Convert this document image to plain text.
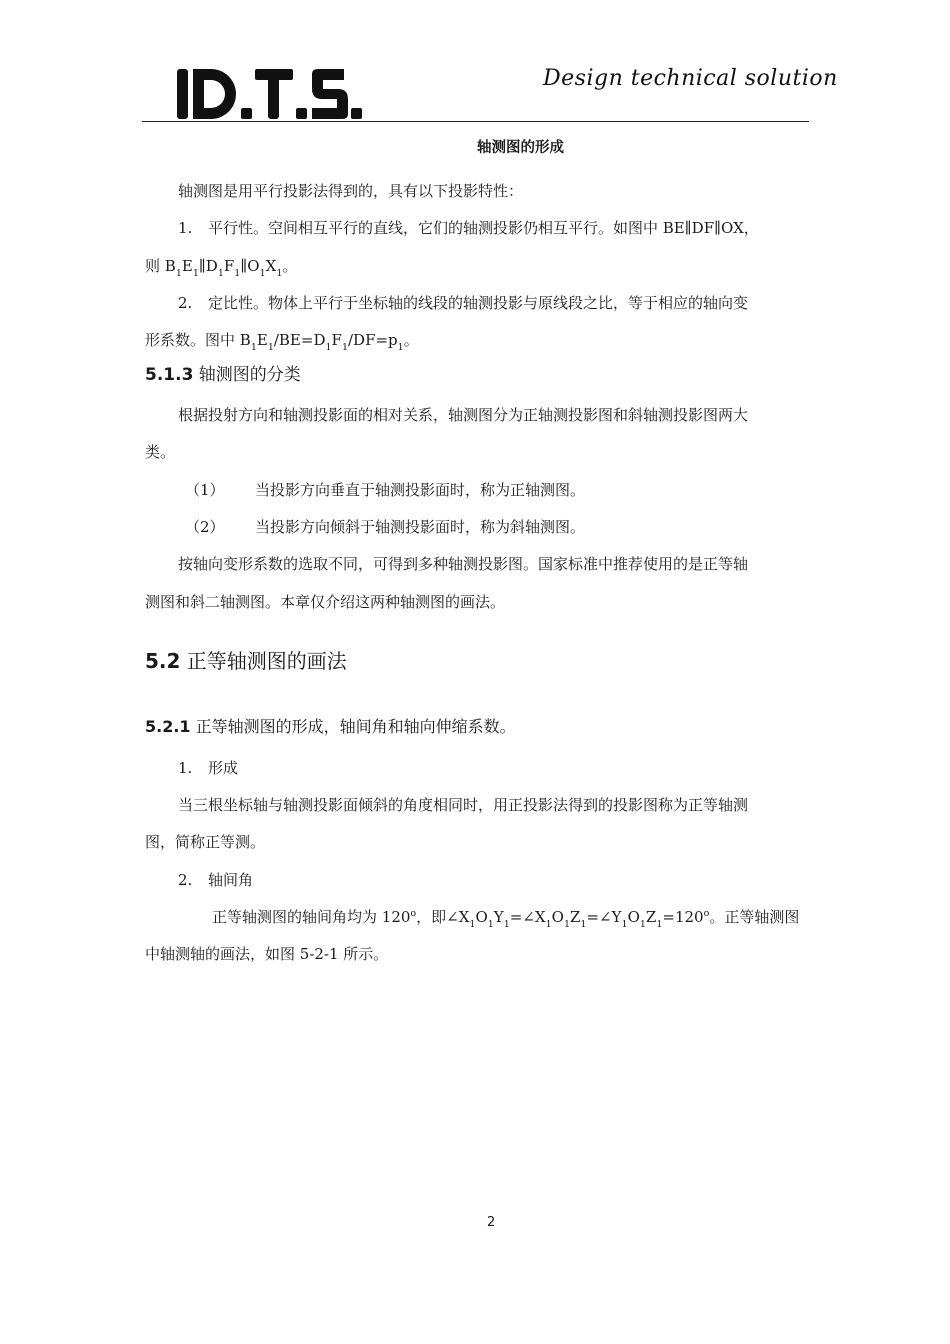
Design technical solution
轴测图的形成
轴测图是用平行投影法得到的，具有以下投影特性：
1. 平行性。空间相互平行的直线，它们的轴测投影仍相互平行。如图中 BE∥DF∥OX，
则 $B_1E_1\parallel D_1F_1\parallel O_1X_1$。
2. 定比性。物体上平行于坐标轴的线段的轴测投影与原线段之比，等于相应的轴向变
形系数。图中 $B_1E_1/BE=D_1F_1/DF=p_1$。
5.1.3 轴测图的分类
根据投射方向和轴测投影面的相对关系，轴测图分为正轴测投影图和斜轴测投影图两大
类。
（1） 当投影方向垂直于轴测投影面时，称为正轴测图。
（2） 当投影方向倾斜于轴测投影面时，称为斜轴测图。
按轴向变形系数的选取不同，可得到多种轴测投影图。国家标准中推荐使用的是正等轴
测图和斜二轴测图。本章仅介绍这两种轴测图的画法。
5.2 正等轴测图的画法
5.2.1 正等轴测图的形成，轴间角和轴向伸缩系数。
1. 形成
当三根坐标轴与轴测投影面倾斜的角度相同时，用正投影法得到的投影图称为正等轴测
图，简称正等测。
2. 轴间角
正等轴测图的轴间角均为 120$^o$，即$\angle X_1O_1Y_1=\angle X_1O_1Z_1=\angle Y_1O_1Z_1=120^o$。正等轴测图
中轴测轴的画法，如图 5-2-1 所示。
2
